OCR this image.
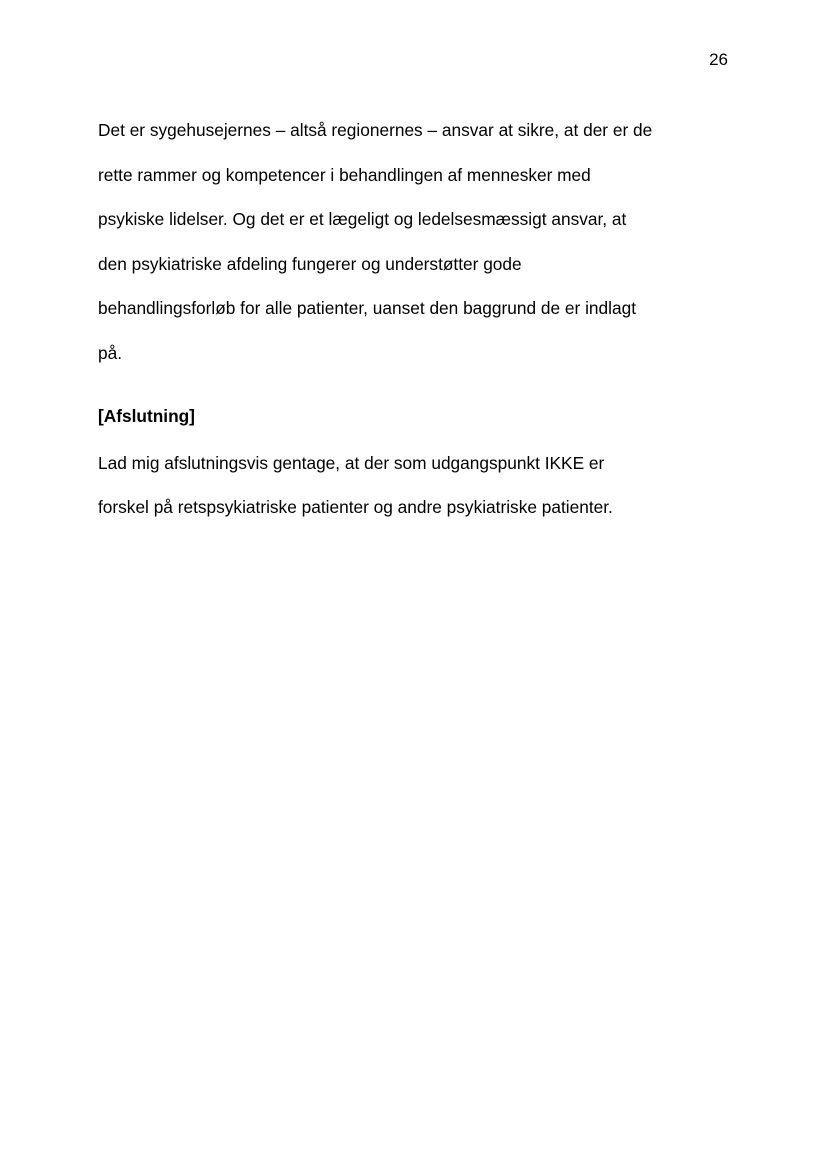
26
Det er sygehusejernes – altså regionernes – ansvar at sikre, at der er de
rette rammer og kompetencer i behandlingen af mennesker med
psykiske lidelser. Og det er et lægeligt og ledelsesmæssigt ansvar, at
den psykiatriske afdeling fungerer og understøtter gode
behandlingsforløb for alle patienter, uanset den baggrund de er indlagt
på.
[Afslutning]
Lad mig afslutningsvis gentage, at der som udgangspunkt IKKE er
forskel på retspsykiatriske patienter og andre psykiatriske patienter.
